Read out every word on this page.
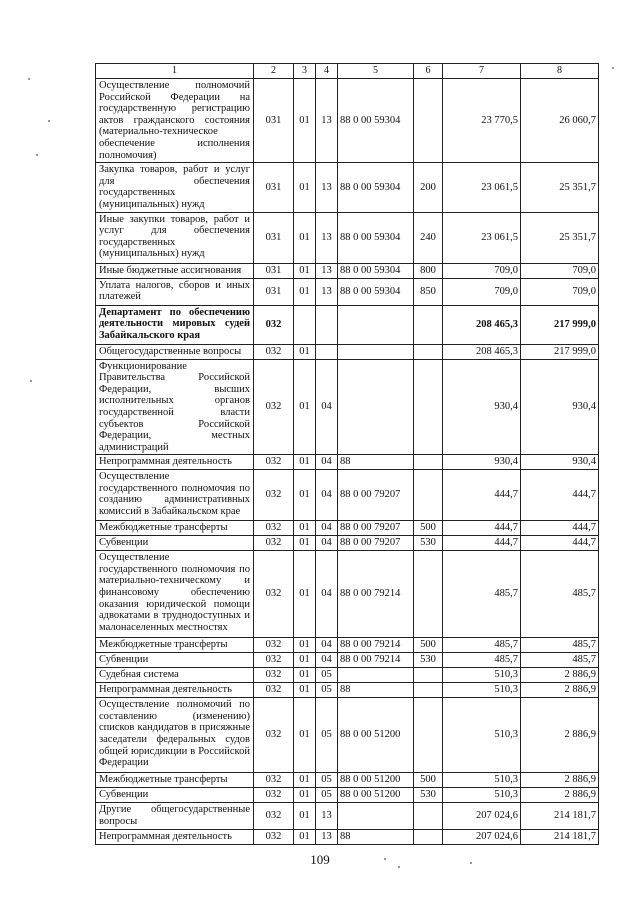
1	2	3	4	5	6	7	8
Осуществление полномочий Российской Федерации на государственную регистрацию актов гражданского состояния (материально-техническое обеспечение исполнения полномочия)	031	01	13	88 0 00 59304		23 770,5	26 060,7
Закупка товаров, работ и услуг для обеспечения государственных (муниципальных) нужд	031	01	13	88 0 00 59304	200	23 061,5	25 351,7
Иные закупки товаров, работ и услуг для обеспечения государственных (муниципальных) нужд	031	01	13	88 0 00 59304	240	23 061,5	25 351,7
Иные бюджетные ассигнования	031	01	13	88 0 00 59304	800	709,0	709,0
Уплата налогов, сборов и иных платежей	031	01	13	88 0 00 59304	850	709,0	709,0
Департамент по обеспечению деятельности мировых судей Забайкальского края	032					208 465,3	217 999,0
Общегосударственные вопросы	032	01				208 465,3	217 999,0
Функционирование Правительства Российской Федерации, высших исполнительных органов государственной власти субъектов Российской Федерации, местных администраций	032	01	04			930,4	930,4
Непрограммная деятельность	032	01	04	88		930,4	930,4
Осуществление государственного полномочия по созданию административных комиссий в Забайкальском крае	032	01	04	88 0 00 79207		444,7	444,7
Межбюджетные трансферты	032	01	04	88 0 00 79207	500	444,7	444,7
Субвенции	032	01	04	88 0 00 79207	530	444,7	444,7
Осуществление государственного полномочия по материально-техническому и финансовому обеспечению оказания юридической помощи адвокатами в труднодоступных и малонаселенных местностях	032	01	04	88 0 00 79214		485,7	485,7
Межбюджетные трансферты	032	01	04	88 0 00 79214	500	485,7	485,7
Субвенции	032	01	04	88 0 00 79214	530	485,7	485,7
Судебная система	032	01	05			510,3	2 886,9
Непрограммная деятельность	032	01	05	88		510,3	2 886,9
Осуществление полномочий по составлению (изменению) списков кандидатов в присяжные заседатели федеральных судов общей юрисдикции в Российской Федерации	032	01	05	88 0 00 51200		510,3	2 886,9
Межбюджетные трансферты	032	01	05	88 0 00 51200	500	510,3	2 886,9
Субвенции	032	01	05	88 0 00 51200	530	510,3	2 886,9
Другие общегосударственные вопросы	032	01	13			207 024,6	214 181,7
Непрограммная деятельность	032	01	13	88		207 024,6	214 181,7
109
